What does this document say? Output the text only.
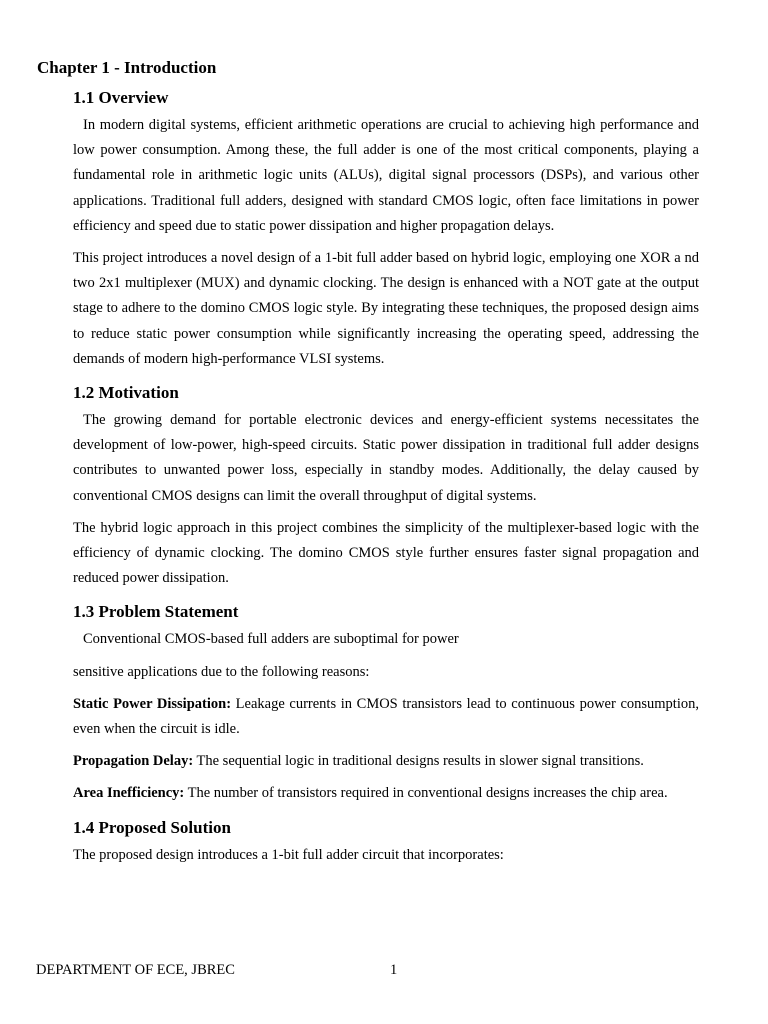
Chapter 1 - Introduction
1.1 Overview

In modern digital systems, efficient arithmetic operations are crucial to achieving high performance and low power consumption. Among these, the full adder is one of the most critical components, playing a fundamental role in arithmetic logic units (ALUs), digital signal processors (DSPs), and various other applications. Traditional full adders, designed with standard CMOS logic, often face limitations in power efficiency and speed due to static power dissipation and higher propagation delays.

This project introduces a novel design of a 1-bit full adder based on hybrid logic, employing one XOR a nd two 2x1 multiplexer (MUX) and dynamic clocking. The design is enhanced with a NOT gate at the output stage to adhere to the domino CMOS logic style. By integrating these techniques, the proposed design aims to reduce static power consumption while significantly increasing the operating speed, addressing the demands of modern high-performance VLSI systems.

1.2 Motivation

The growing demand for portable electronic devices and energy-efficient systems necessitates the development of low-power, high-speed circuits. Static power dissipation in traditional full adder designs contributes to unwanted power loss, especially in standby modes. Additionally, the delay caused by conventional CMOS designs can limit the overall throughput of digital systems.

The hybrid logic approach in this project combines the simplicity of the multiplexer-based logic with the efficiency of dynamic clocking. The domino CMOS style further ensures faster signal propagation and reduced power dissipation.

1.3 Problem Statement

Conventional CMOS-based full adders are suboptimal for power

sensitive applications due to the following reasons:

Static Power Dissipation: Leakage currents in CMOS transistors lead to continuous power consumption, even when the circuit is idle.

Propagation Delay: The sequential logic in traditional designs results in slower signal transitions.

Area Inefficiency: The number of transistors required in conventional designs increases the chip area.

1.4 Proposed Solution

The proposed design introduces a 1-bit full adder circuit that incorporates:

DEPARTMENT OF ECE, JBREC	1
